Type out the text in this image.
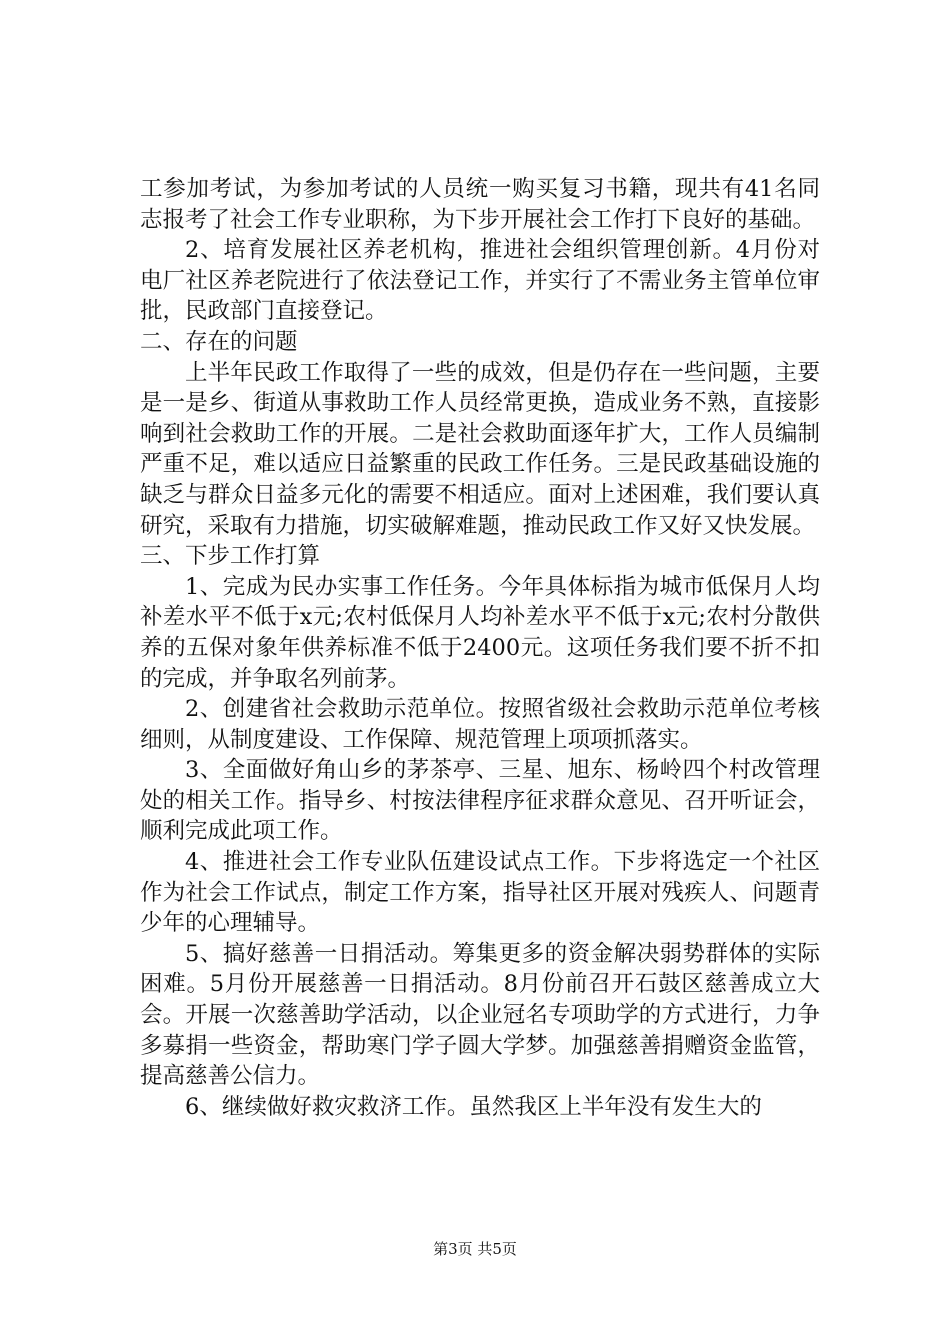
工参加考试，为参加考试的人员统一购买复习书籍，现共有41名同志报考了社会工作专业职称，为下步开展社会工作打下良好的基础。

2、培育发展社区养老机构，推进社会组织管理创新。4月份对电厂社区养老院进行了依法登记工作，并实行了不需业务主管单位审批，民政部门直接登记。

二、存在的问题

上半年民政工作取得了一些的成效，但是仍存在一些问题，主要是一是乡、街道从事救助工作人员经常更换，造成业务不熟，直接影响到社会救助工作的开展。二是社会救助面逐年扩大，工作人员编制严重不足，难以适应日益繁重的民政工作任务。三是民政基础设施的缺乏与群众日益多元化的需要不相适应。面对上述困难，我们要认真研究，采取有力措施，切实破解难题，推动民政工作又好又快发展。

三、下步工作打算

1、完成为民办实事工作任务。今年具体标指为城市低保月人均补差水平不低于x元;农村低保月人均补差水平不低于x元;农村分散供养的五保对象年供养标准不低于2400元。这项任务我们要不折不扣的完成，并争取名列前茅。

2、创建省社会救助示范单位。按照省级社会救助示范单位考核细则，从制度建设、工作保障、规范管理上项项抓落实。

3、全面做好角山乡的茅茶亭、三星、旭东、杨岭四个村改管理处的相关工作。指导乡、村按法律程序征求群众意见、召开听证会，顺利完成此项工作。

4、推进社会工作专业队伍建设试点工作。下步将选定一个社区作为社会工作试点，制定工作方案，指导社区开展对残疾人、问题青少年的心理辅导。

5、搞好慈善一日捐活动。筹集更多的资金解决弱势群体的实际困难。5月份开展慈善一日捐活动。8月份前召开石鼓区慈善成立大会。开展一次慈善助学活动，以企业冠名专项助学的方式进行，力争多募捐一些资金，帮助寒门学子圆大学梦。加强慈善捐赠资金监管，提高慈善公信力。

6、继续做好救灾救济工作。虽然我区上半年没有发生大的

第3页 共5页
